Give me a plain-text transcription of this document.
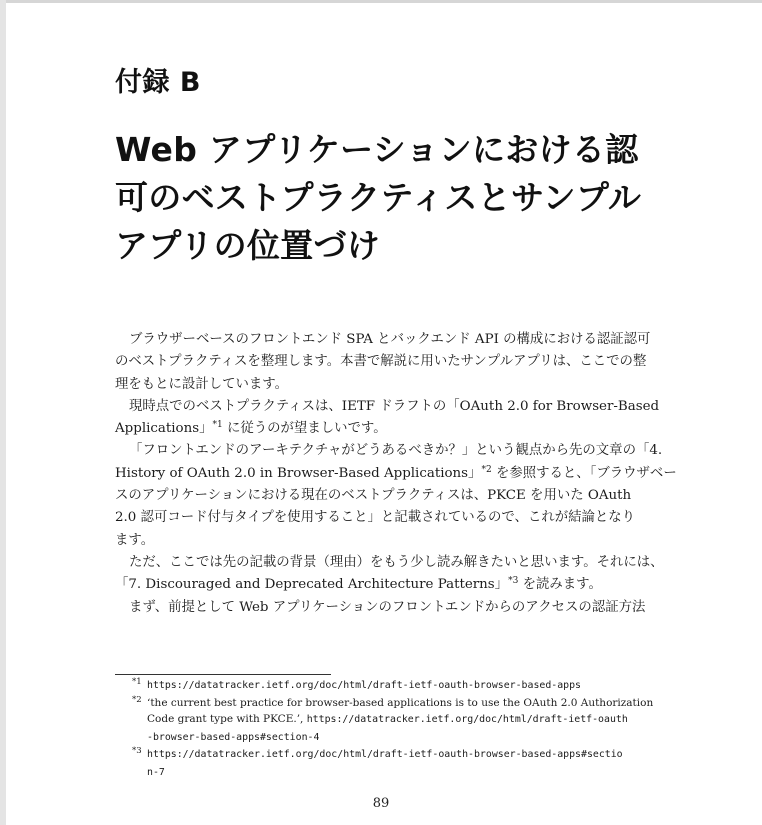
付録 B
Web アプリケーションにおける認
可のベストプラクティスとサンプル
アプリの位置づけ
ブラウザーベースのフロントエンド SPA とバックエンド API の構成における認証認可
のベストプラクティスを整理します。本書で解説に用いたサンプルアプリは、ここでの整
理をもとに設計しています。
現時点でのベストプラクティスは、IETF ドラフトの「OAuth 2.0 for Browser-Based
Applications」$^{*1}$ に従うのが望ましいです。
「フロントエンドのアーキテクチャがどうあるべきか？」という観点から先の文章の「4.
History of OAuth 2.0 in Browser-Based Applications」$^{*2}$ を参照すると、「ブラウザベー
スのアプリケーションにおける現在のベストプラクティスは、PKCE を用いた OAuth
2.0 認可コード付与タイプを使用すること」と記載されているので、これが結論となり
ます。
ただ、ここでは先の記載の背景（理由）をもう少し読み解きたいと思います。それには、
「7. Discouraged and Deprecated Architecture Patterns」$^{*3}$ を読みます。
まず、前提として Web アプリケーションのフロントエンドからのアクセスの認証方法
*1 https://datatracker.ietf.org/doc/html/draft-ietf-oauth-browser-based-apps
*2 ‘the current best practice for browser-based applications is to use the OAuth 2.0 Authorization
Code grant type with PKCE.’, https://datatracker.ietf.org/doc/html/draft-ietf-oauth
-browser-based-apps#section-4
*3 https://datatracker.ietf.org/doc/html/draft-ietf-oauth-browser-based-apps#sectio
n-7
89
